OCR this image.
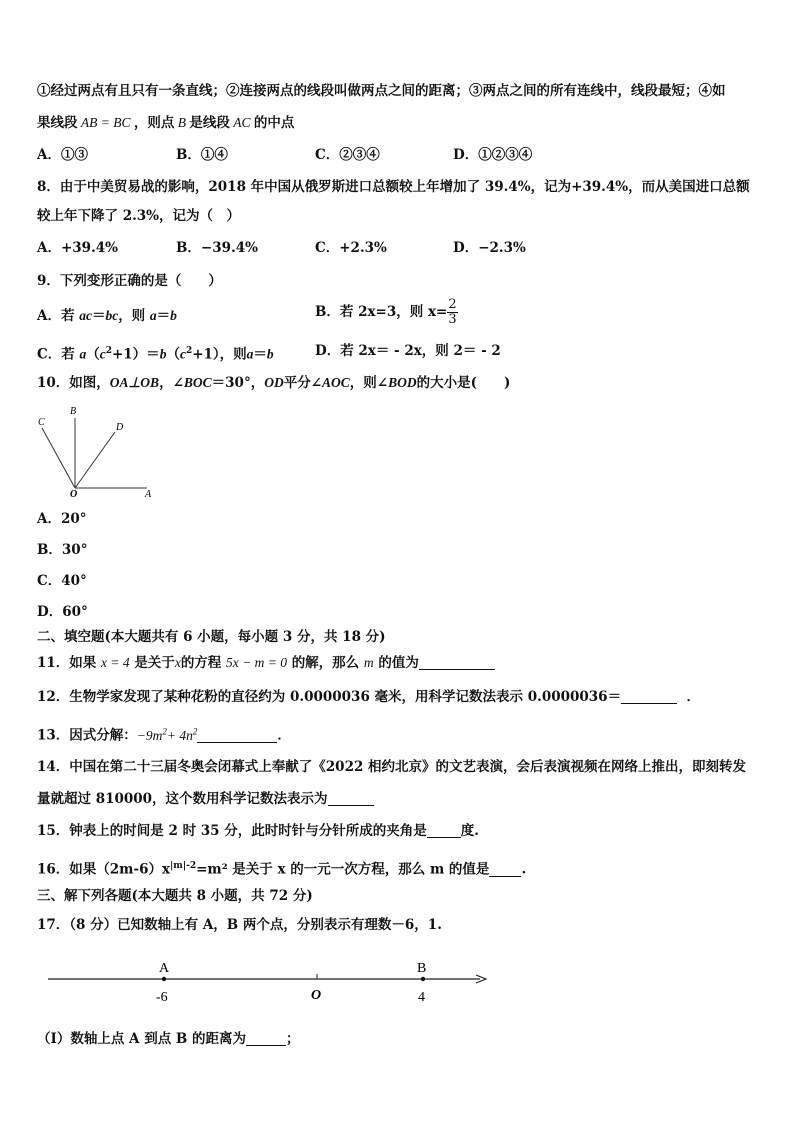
①经过两点有且只有一条直线；②连接两点的线段叫做两点之间的距离；③两点之间的所有连线中，线段最短；④如
果线段 AB = BC ，则点 B 是线段 AC 的中点
A．①③	B．①④	C．②③④	D．①②③④
8．由于中美贸易战的影响，2018 年中国从俄罗斯进口总额较上年增加了 39.4%，记为+39.4%，而从美国进口总额
较上年下降了 2.3%，记为（　）
A．+39.4%	B．−39.4%	C．+2.3%	D．−2.3%
9．下列变形正确的是（　　）
A．若 ac＝bc，则 a＝b	B．若 2x=3，则 $x= \frac{2}{3}$
C．若 $a(c^2+1)=b(c^2+1)$，则a＝b	D．若 2x＝ - 2x，则 2＝ - 2
10．如图，OA⊥OB，∠BOC＝30°，OD平分∠AOC，则∠BOD的大小是(　　)
C
B
D
O	A
A．20°
B．30°
C．40°
D．60°
二、填空题(本大题共有 6 小题，每小题 3 分，共 18 分)
11．如果 x = 4 是关于x的方程 5x − m = 0 的解，那么 m 的值为
12．生物学家发现了某种花粉的直径约为 0.0000036 毫米，用科学记数法表示 0.0000036＝	．
13．因式分解：$-9m^2+ 4n^2$	．
14．中国在第二十三届冬奥会闭幕式上奉献了《2022 相约北京》的文艺表演，会后表演视频在网络上推出，即刻转发
量就超过 810000，这个数用科学记数法表示为
15．钟表上的时间是 2 时 35 分，此时时针与分针所成的夹角是	度.
16．如果$(2m-6)x^{|m|-2}=m^2$ 是关于 x 的一元一次方程，那么 m 的值是 .
三、解下列各题(本大题共 8 小题，共 72 分)
17．（8 分）已知数轴上有 A，B 两个点，分别表示有理数－6，1.
A	B
-6	O	4
（Ⅰ）数轴上点 A 到点 B 的距离为	；
